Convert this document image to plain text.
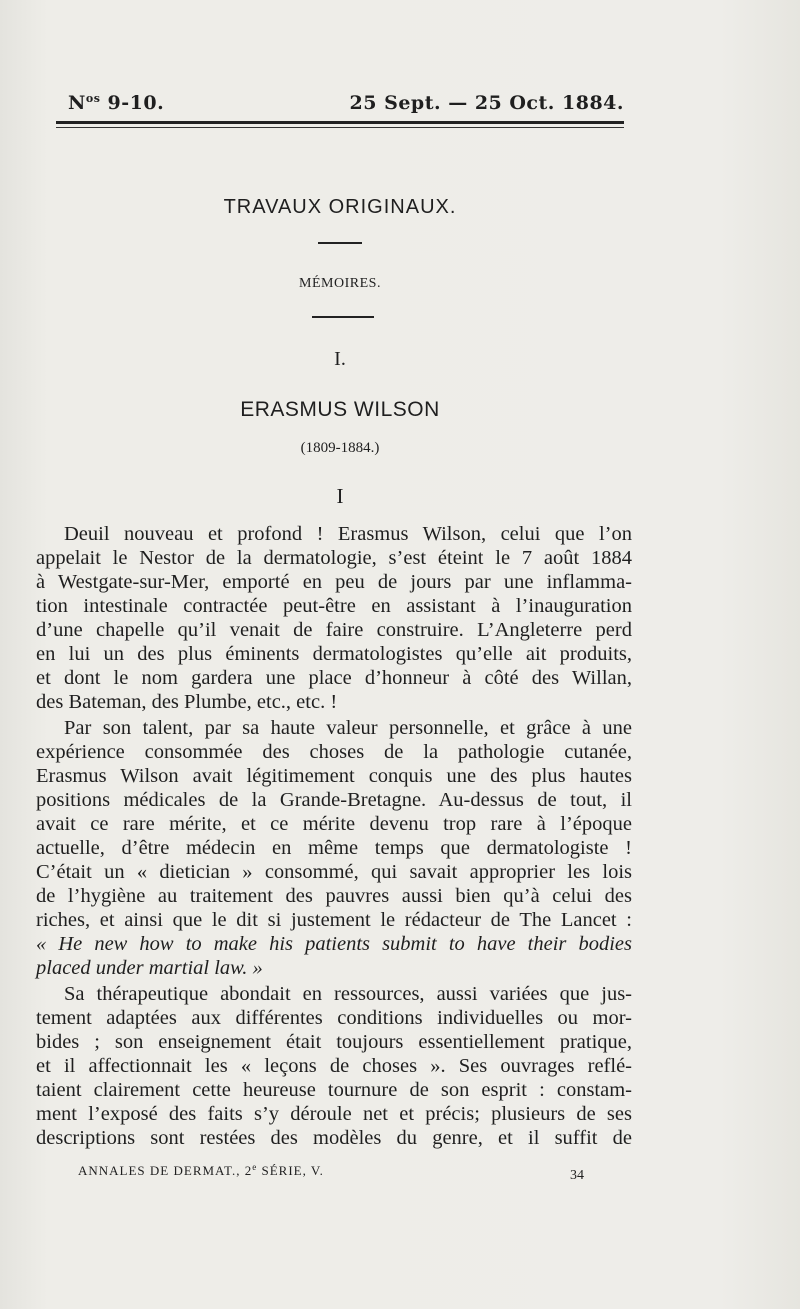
$N^{os}$ 9-10.	25 Sept. — 25 Oct. 1884.
TRAVAUX ORIGINAUX.
MÉMOIRES.
I.
ERASMUS WILSON
(1809-1884.)
I
Deuil nouveau et profond ! Erasmus Wilson, celui que l’on
appelait le Nestor de la dermatologie, s’est éteint le 7 août 1884
à Westgate-sur-Mer, emporté en peu de jours par une inflamma-
tion intestinale contractée peut-être en assistant à l’inauguration
d’une chapelle qu’il venait de faire construire. L’Angleterre perd
en lui un des plus éminents dermatologistes qu’elle ait produits,
et dont le nom gardera une place d’honneur à côté des Willan,
des Bateman, des Plumbe, etc., etc. !
Par son talent, par sa haute valeur personnelle, et grâce à une
expérience consommée des choses de la pathologie cutanée,
Erasmus Wilson avait légitimement conquis une des plus hautes
positions médicales de la Grande-Bretagne. Au-dessus de tout, il
avait ce rare mérite, et ce mérite devenu trop rare à l’époque
actuelle, d’être médecin en même temps que dermatologiste !
C’était un « dietician » consommé, qui savait approprier les lois
de l’hygiène au traitement des pauvres aussi bien qu’à celui des
riches, et ainsi que le dit si justement le rédacteur de The Lancet :
« He new how to make his patients submit to have their bodies
placed under martial law. »
Sa thérapeutique abondait en ressources, aussi variées que jus-
tement adaptées aux différentes conditions individuelles ou mor-
bides ; son enseignement était toujours essentiellement pratique,
et il affectionnait les « leçons de choses ». Ses ouvrages reflé-
taient clairement cette heureuse tournure de son esprit : constam-
ment l’exposé des faits s’y déroule net et précis; plusieurs de ses
descriptions sont restées des modèles du genre, et il suffit de
ANNALES DE DERMAT., 2e SÉRIE, V.	34
